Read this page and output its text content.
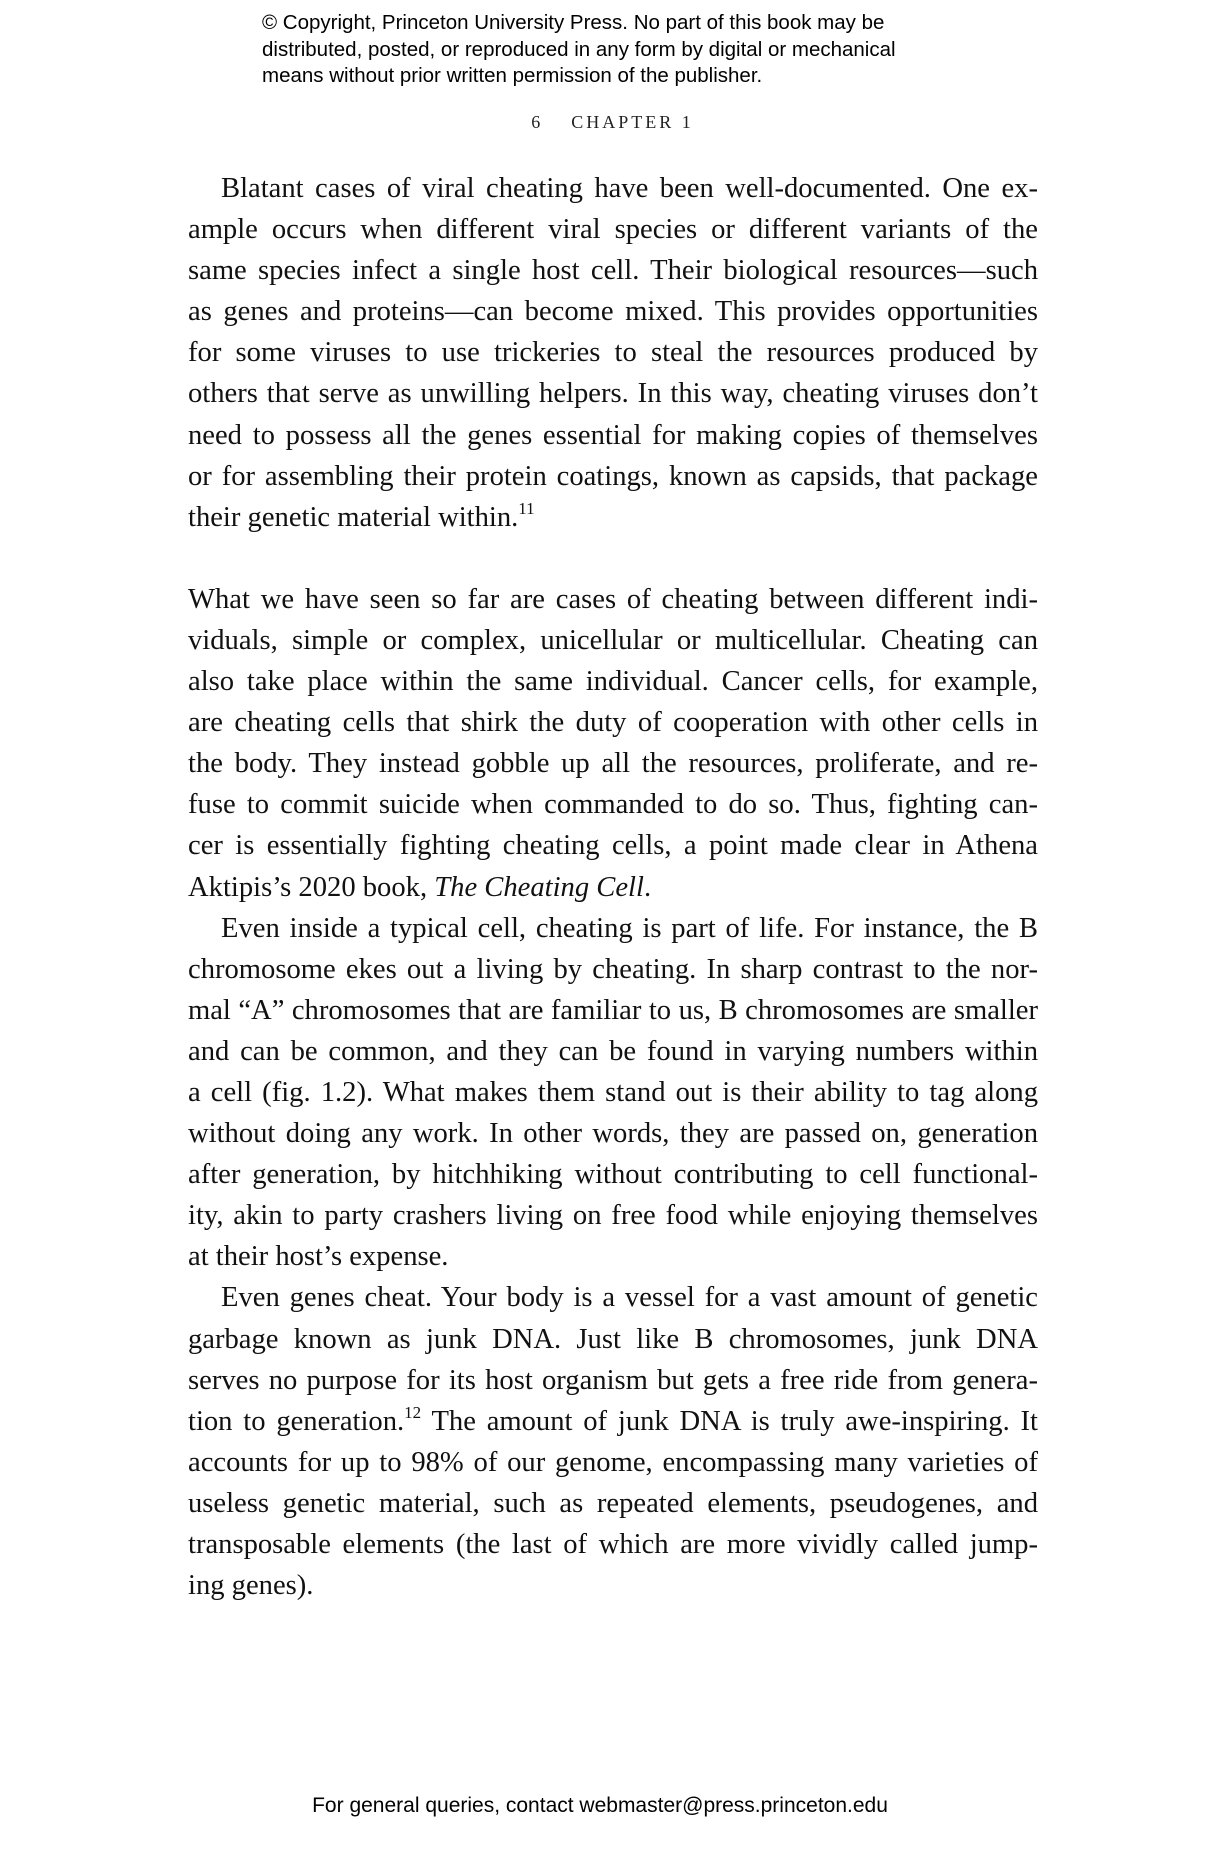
© Copyright, Princeton University Press. No part of this book may be
distributed, posted, or reproduced in any form by digital or mechanical
means without prior written permission of the publisher.
6 CHAPTER 1
Blatant cases of viral cheating have been well-documented. One ex-
ample occurs when different viral species or different variants of the
same species infect a single host cell. Their biological resources—such
as genes and proteins—can become mixed. This provides opportunities
for some viruses to use trickeries to steal the resources produced by
others that serve as unwilling helpers. In this way, cheating viruses don’t
need to possess all the genes essential for making copies of themselves
or for assembling their protein coatings, known as capsids, that package
their genetic material within.$^{11}$
What we have seen so far are cases of cheating between different indi-
viduals, simple or complex, unicellular or multicellular. Cheating can
also take place within the same individual. Cancer cells, for example,
are cheating cells that shirk the duty of cooperation with other cells in
the body. They instead gobble up all the resources, proliferate, and re-
fuse to commit suicide when commanded to do so. Thus, fighting can-
cer is essentially fighting cheating cells, a point made clear in Athena
Aktipis’s 2020 book, The Cheating Cell.
Even inside a typical cell, cheating is part of life. For instance, the B
chromosome ekes out a living by cheating. In sharp contrast to the nor-
mal “A” chromosomes that are familiar to us, B chromosomes are smaller
and can be common, and they can be found in varying numbers within
a cell (fig. 1.2). What makes them stand out is their ability to tag along
without doing any work. In other words, they are passed on, generation
after generation, by hitchhiking without contributing to cell functional-
ity, akin to party crashers living on free food while enjoying themselves
at their host’s expense.
Even genes cheat. Your body is a vessel for a vast amount of genetic
garbage known as junk DNA. Just like B chromosomes, junk DNA
serves no purpose for its host organism but gets a free ride from genera-
tion to generation.$^{12}$ The amount of junk DNA is truly awe-inspiring. It
accounts for up to 98% of our genome, encompassing many varieties of
useless genetic material, such as repeated elements, pseudogenes, and
transposable elements (the last of which are more vividly called jump-
ing genes).
For general queries, contact webmaster@press.princeton.edu
